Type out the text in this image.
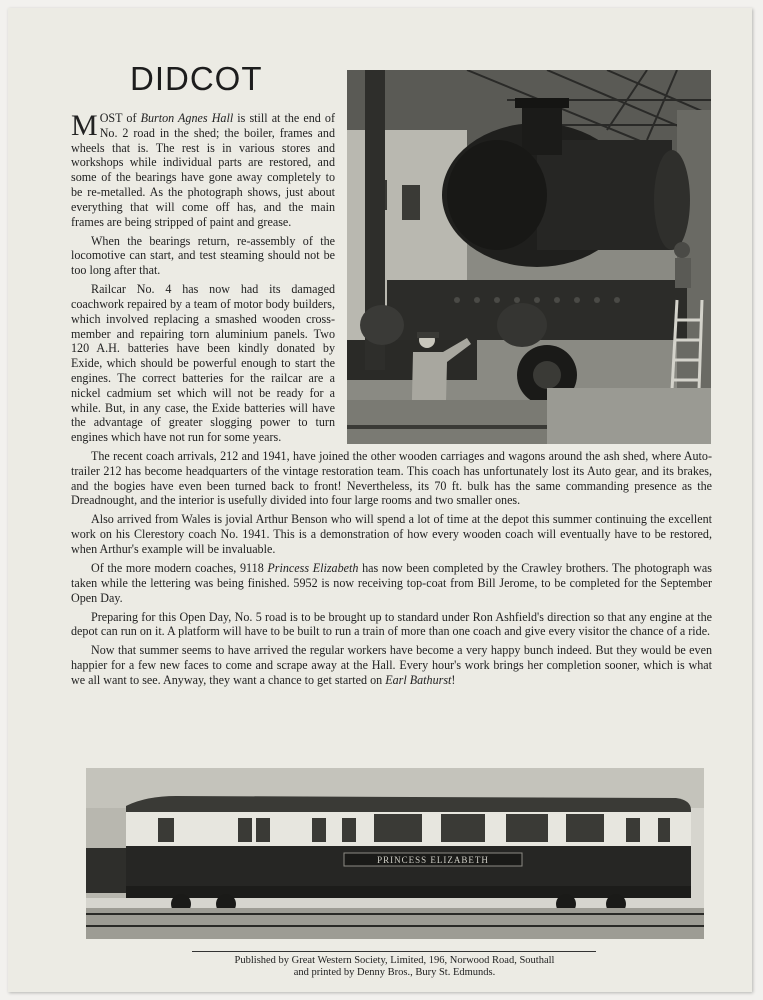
DIDCOT

MOST of Burton Agnes Hall is still at the end of No. 2 road in the shed; the boiler, frames and wheels that is. The rest is in various stores and workshops while individual parts are restored, and some of the bearings have gone away completely to be re-metalled. As the photograph shows, just about everything that will come off has, and the main frames are being stripped of paint and grease.

When the bearings return, re-assembly of the locomotive can start, and test steaming should not be too long after that.

Railcar No. 4 has now had its damaged coachwork repaired by a team of motor body builders, which involved replacing a smashed wooden cross-member and repairing torn aluminium panels. Two 120 A.H. batteries have been kindly donated by Exide, which should be powerful enough to start the engines. The correct batteries for the railcar are a nickel cadmium set which will not be ready for a while. But, in any case, the Exide batteries will have the advantage of greater slogging power to turn engines which have not run for some years.

The recent coach arrivals, 212 and 1941, have joined the other wooden carriages and wagons around the ash shed, where Auto-trailer 212 has become headquarters of the vintage restoration team. This coach has unfortunately lost its Auto gear, and its brakes, and the bogies have even been turned back to front! Nevertheless, its 70 ft. bulk has the same commanding presence as the Dreadnought, and the interior is usefully divided into four large rooms and two smaller ones.

Also arrived from Wales is jovial Arthur Benson who will spend a lot of time at the depot this summer continuing the excellent work on his Clerestory coach No. 1941. This is a demonstration of how every wooden coach will eventually have to be restored, when Arthur's example will be invaluable.

Of the more modern coaches, 9118 Princess Elizabeth has now been completed by the Crawley brothers. The photograph was taken while the lettering was being finished. 5952 is now receiving top-coat from Bill Jerome, to be completed for the September Open Day.

Preparing for this Open Day, No. 5 road is to be brought up to standard under Ron Ashfield's direction so that any engine at the depot can run on it. A platform will have to be built to run a train of more than one coach and give every visitor the chance of a ride.

Now that summer seems to have arrived the regular workers have become a very happy bunch indeed. But they would be even happier for a few new faces to come and scrape away at the Hall. Every hour's work brings her completion sooner, which is what we all want to see. Anyway, they want a chance to get started on Earl Bathurst!

PRINCESS ELIZABETH
Published by Great Western Society, Limited, 196, Norwood Road, Southall
and printed by Denny Bros., Bury St. Edmunds.
